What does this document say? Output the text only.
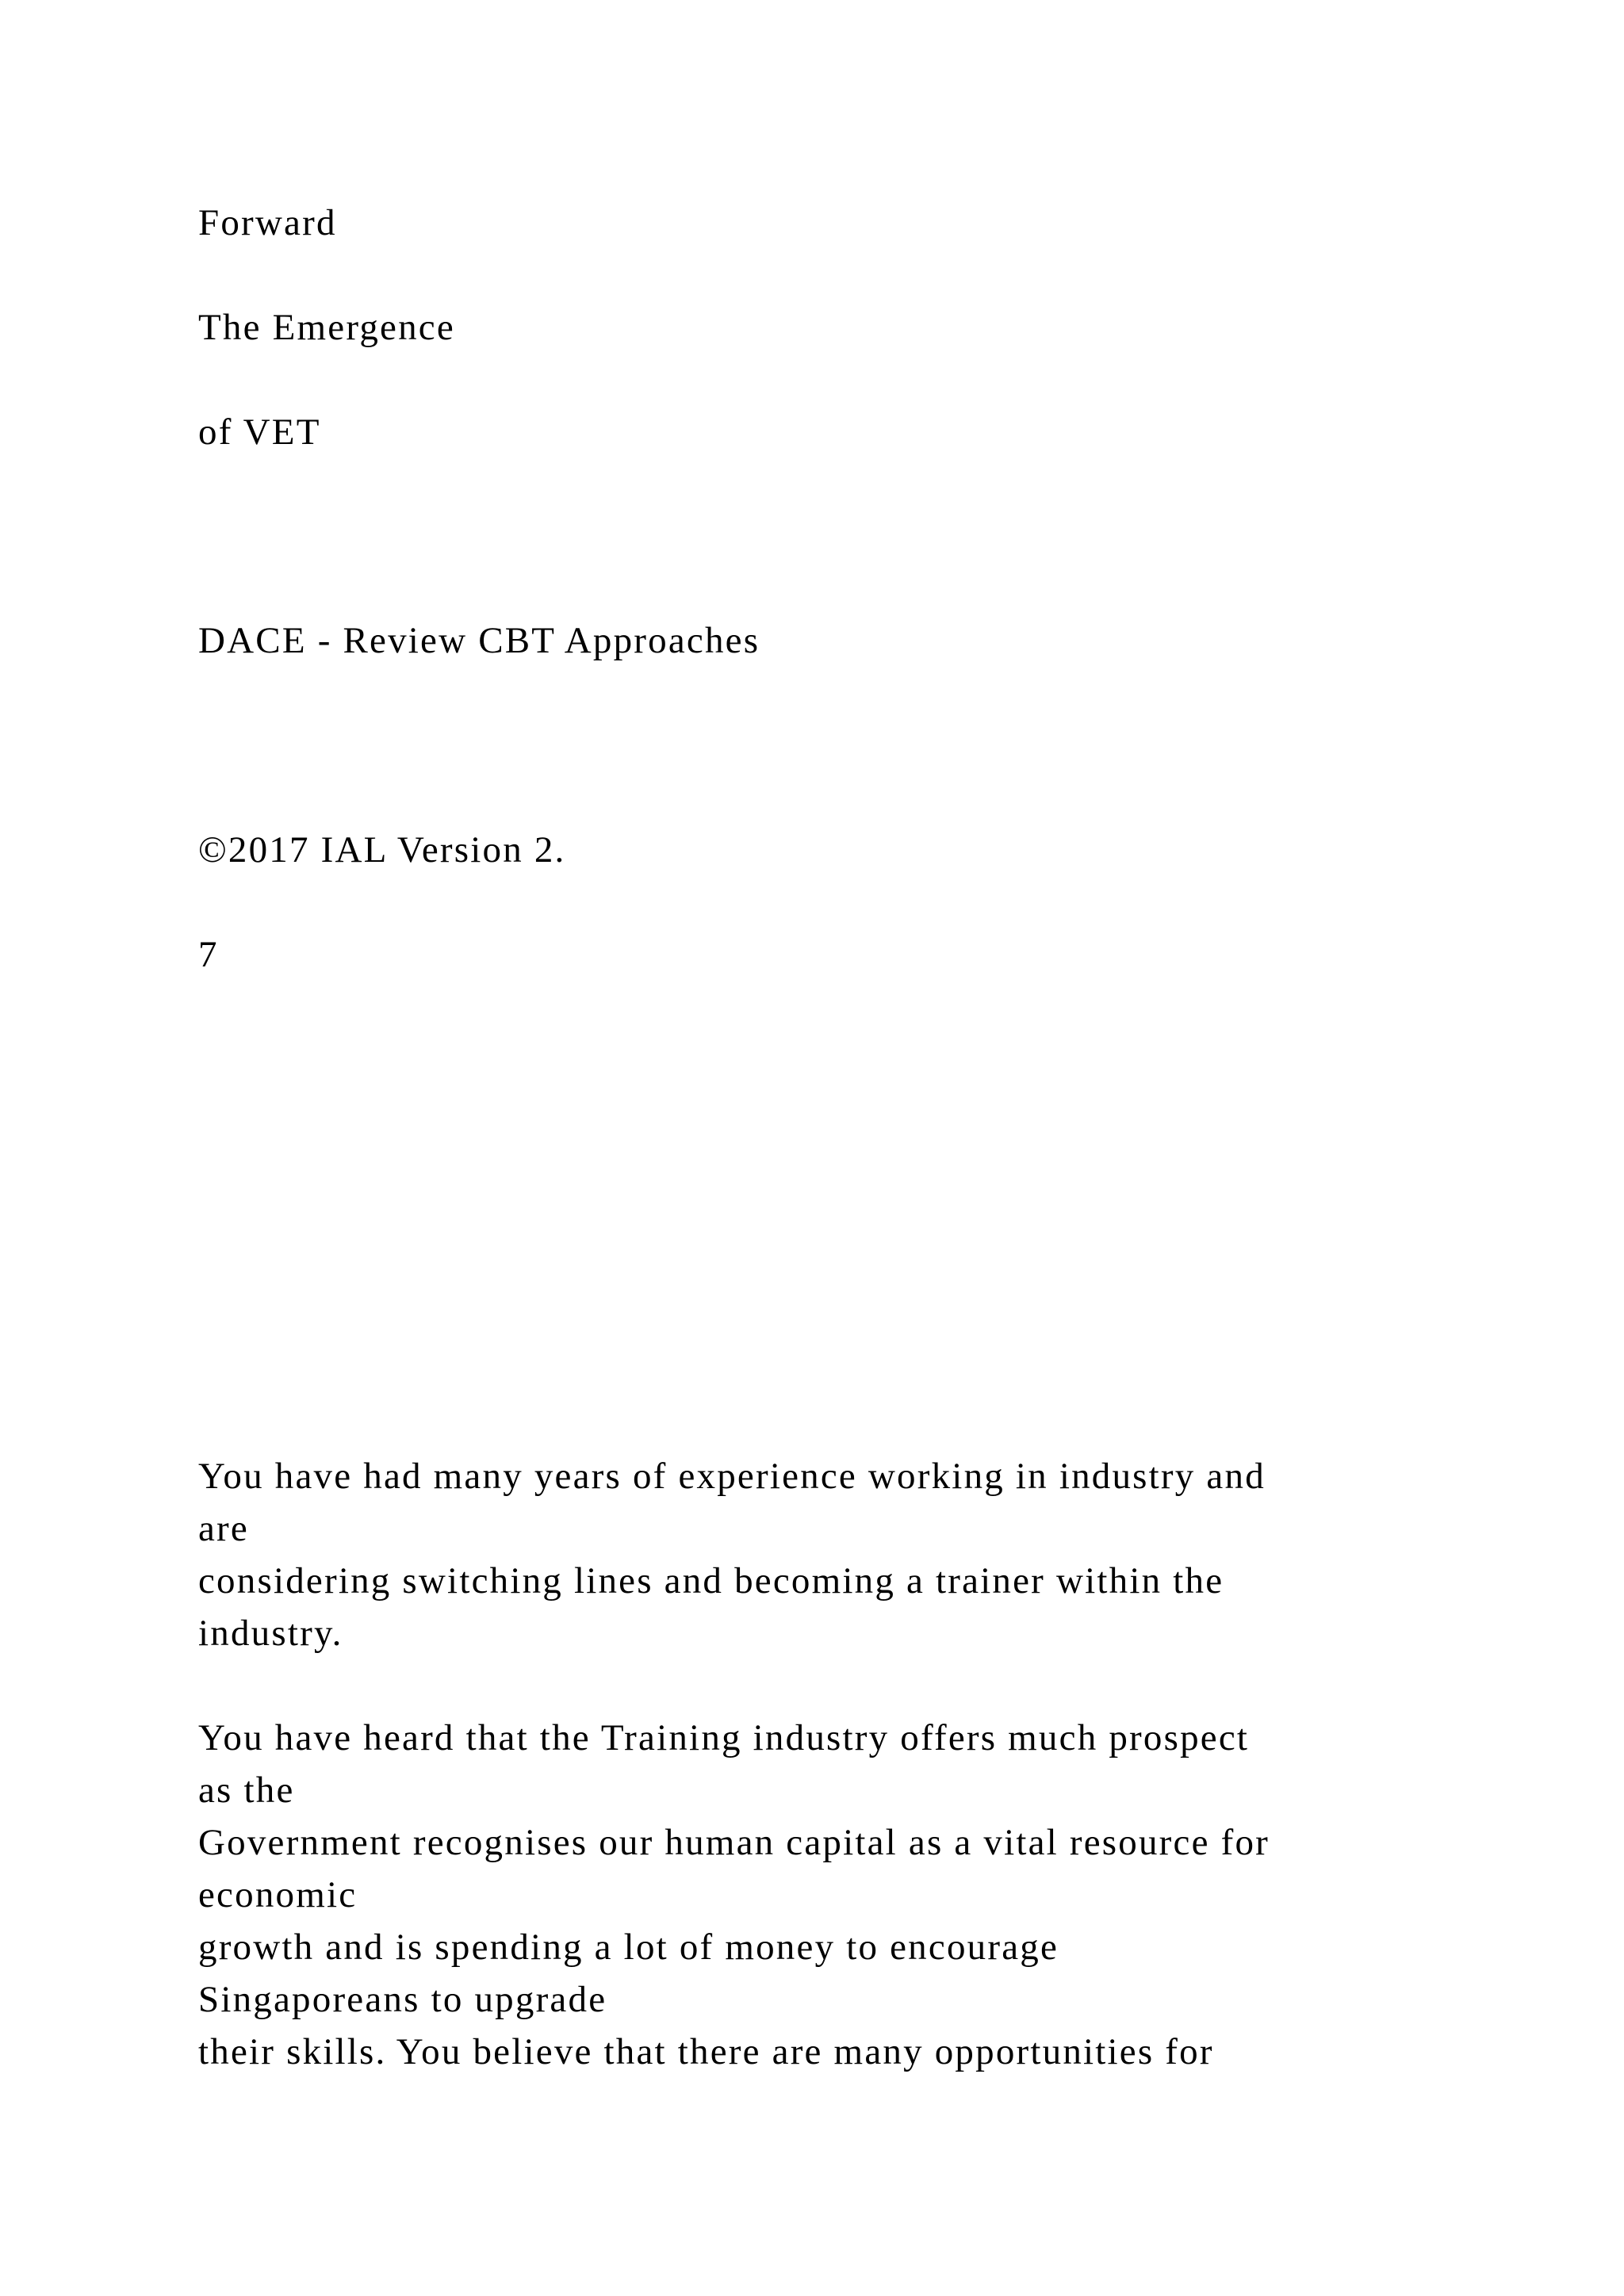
Forward

The Emergence

of VET

DACE - Review CBT Approaches

©2017 IAL Version 2.

7

You have had many years of experience working in industry and

are

considering switching lines and becoming a trainer within the

industry.

You have heard that the Training industry offers much prospect

as the

Government recognises our human capital as a vital resource for

economic

growth and is spending a lot of money to encourage

Singaporeans to upgrade

their skills. You believe that there are many opportunities for
